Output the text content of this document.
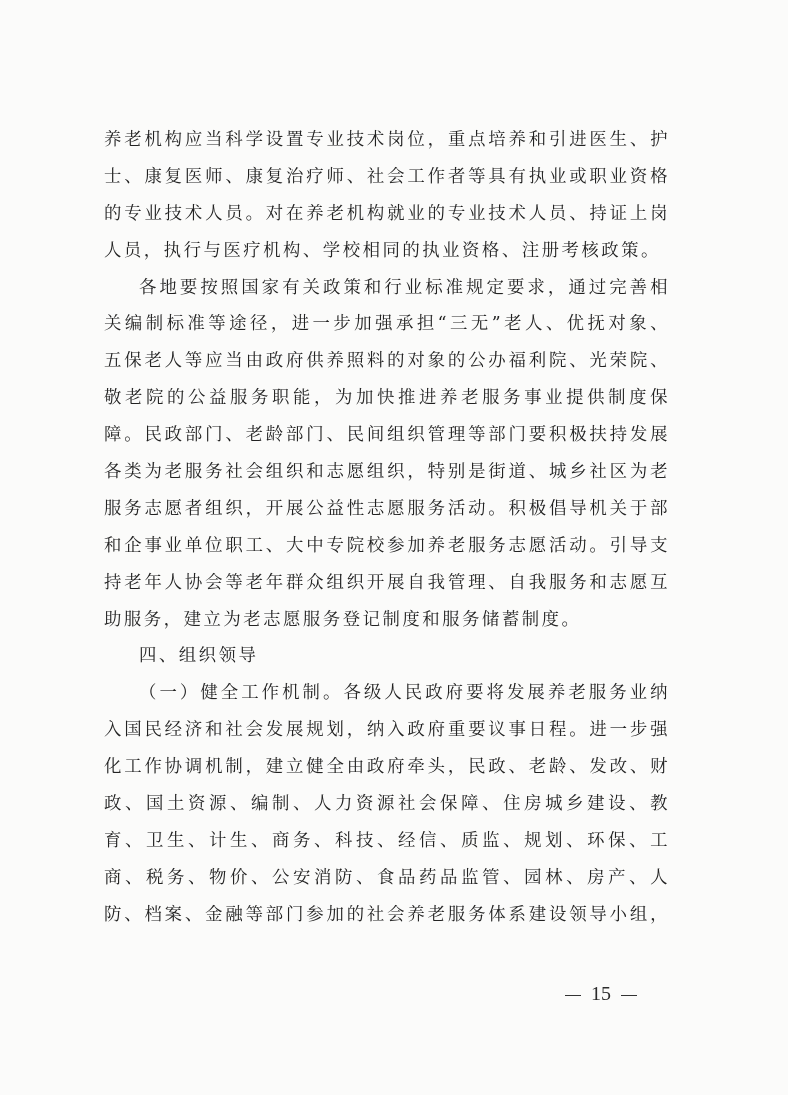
养老机构应当科学设置专业技术岗位，重点培养和引进医生、护
士、康复医师、康复治疗师、社会工作者等具有执业或职业资格
的专业技术人员。对在养老机构就业的专业技术人员、持证上岗
人员，执行与医疗机构、学校相同的执业资格、注册考核政策。
各地要按照国家有关政策和行业标准规定要求，通过完善相
关编制标准等途径，进一步加强承担“三无”老人、优抚对象、
五保老人等应当由政府供养照料的对象的公办福利院、光荣院、
敬老院的公益服务职能，为加快推进养老服务事业提供制度保
障。民政部门、老龄部门、民间组织管理等部门要积极扶持发展
各类为老服务社会组织和志愿组织，特别是街道、城乡社区为老
服务志愿者组织，开展公益性志愿服务活动。积极倡导机关于部
和企事业单位职工、大中专院校参加养老服务志愿活动。引导支
持老年人协会等老年群众组织开展自我管理、自我服务和志愿互
助服务，建立为老志愿服务登记制度和服务储蓄制度。
四、组织领导
（一）健全工作机制。各级人民政府要将发展养老服务业纳
入国民经济和社会发展规划，纳入政府重要议事日程。进一步强
化工作协调机制，建立健全由政府牵头，民政、老龄、发改、财
政、国土资源、编制、人力资源社会保障、住房城乡建设、教
育、卫生、计生、商务、科技、经信、质监、规划、环保、工
商、税务、物价、公安消防、食品药品监管、园林、房产、人
防、档案、金融等部门参加的社会养老服务体系建设领导小组，
15
